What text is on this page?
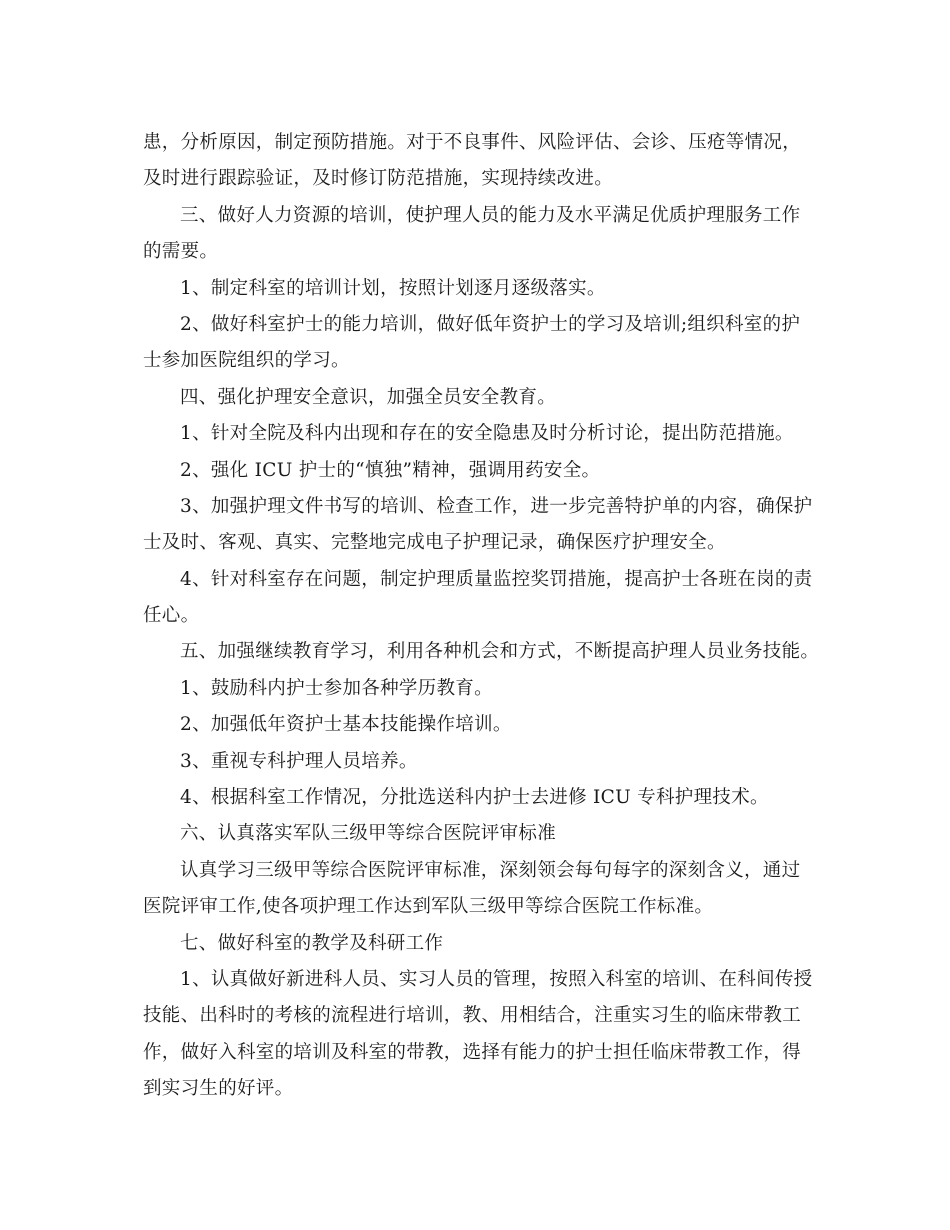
患，分析原因，制定预防措施。对于不良事件、风险评估、会诊、压疮等情况，
及时进行跟踪验证，及时修订防范措施，实现持续改进。
三、做好人力资源的培训，使护理人员的能力及水平满足优质护理服务工作
的需要。
1、制定科室的培训计划，按照计划逐月逐级落实。
2、做好科室护士的能力培训，做好低年资护士的学习及培训;组织科室的护
士参加医院组织的学习。
四、强化护理安全意识，加强全员安全教育。
1、针对全院及科内出现和存在的安全隐患及时分析讨论，提出防范措施。
2、强化 ICU 护士的“慎独”精神，强调用药安全。
3、加强护理文件书写的培训、检查工作，进一步完善特护单的内容，确保护
士及时、客观、真实、完整地完成电子护理记录，确保医疗护理安全。
4、针对科室存在问题，制定护理质量监控奖罚措施，提高护士各班在岗的责
任心。
五、加强继续教育学习，利用各种机会和方式，不断提高护理人员业务技能。
1、鼓励科内护士参加各种学历教育。
2、加强低年资护士基本技能操作培训。
3、重视专科护理人员培养。
4、根据科室工作情况，分批选送科内护士去进修 ICU 专科护理技术。
六、认真落实军队三级甲等综合医院评审标准
认真学习三级甲等综合医院评审标准，深刻领会每句每字的深刻含义，通过
医院评审工作,使各项护理工作达到军队三级甲等综合医院工作标准。
七、做好科室的教学及科研工作
1、认真做好新进科人员、实习人员的管理，按照入科室的培训、在科间传授
技能、出科时的考核的流程进行培训，教、用相结合，注重实习生的临床带教工
作，做好入科室的培训及科室的带教，选择有能力的护士担任临床带教工作，得
到实习生的好评。
